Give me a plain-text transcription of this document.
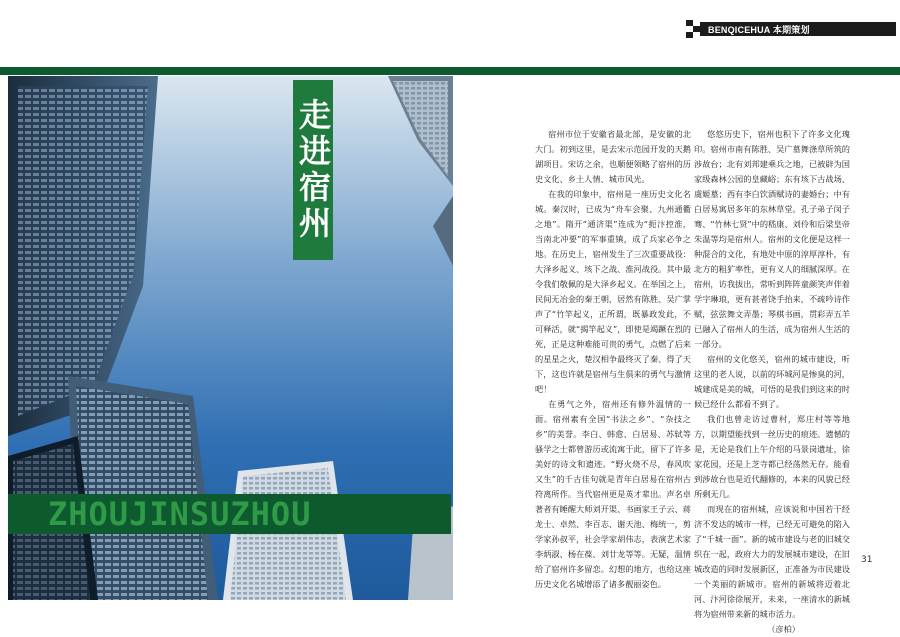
BENQICEHUA 本期策划
走进宿州
ZHOUJINSUZHOU

宿州市位于安徽省最北部，是安徽的北大门。初到这里，是去宋示范园开发的天鹅湖项目。宋访之余，也顺便领略了宿州的历史文化、乡土人情、城市风光。

在我的印象中，宿州是一座历史文化名城。秦汉时，已成为“舟车会聚、九州通衢之地”。隋开“通济渠”连成为“扼汴控淮，当南北冲要”的军事重镇，成了兵家必争之地。在历史上，宿州发生了三次重要战役：大泽乡起义、垓下之战、淮河战役。其中最令我们敬佩的是大泽乡起义。在举国之上，民间无冶金的秦王朝，居然有陈胜、吴广掌声了“竹竿起义，正所谓，既暴政发此，不可释活，就“揭竿起义”，即使是竭蹶在烈的死，正是这种难能可贵的勇气，点燃了后来的星星之火，楚汉相争最终灭了秦、得了天下，这也许就是宿州与生俱来的勇气与激情吧！

在勇气之外，宿州还有修外温情的一面。宿州素有全国“书法之乡”、“杂技之乡”的美誉。李白、韩愈、白居易、苏轼等骚学之士都曾游历或流寓于此，留下了许多美好的诗文和遗迹。“野火烧不尽，春风吹又生”的千古佳句就是青年白居易在宿州古符离所作。当代宿州更是英才辈出。声名卓著者有睡醒大师刘开渠、书画家王子云、蒋龙士、卓然、李百志、谢天池、梅统一，剪学家孙叔平，社会学家胡伟志，表演艺术家李炳淑、杨在葆、刘廿龙等等。无疑，温情给了宿州许多留恋。幻想的地方，也给这座历史文化名城增添了诸多靓丽姿色。

悠悠历史下，宿州也积下了许多文化瑰印。宿州市南有陈胜、吴广墓舞涤草所筑的涉故台；北有刘邦建乘兵之地，已被辟为国家级森林公园的皇藏峪；东有垓下古战场、虞姬墓；西有李白饮酒赋诗的妻婚台；中有白居易寓居多年的东林草堂。孔子弟子闵子骞、“竹林七贤”中的嵇康、刘伶和后梁皇帝朱温等均是宿州人。宿州的文化便是这样一种混合的文化，有地处中原的淳厚淳朴，有北方的粗犷率性，更有义人的细腻深厚。在宿州，访我拔出，常听到阵阵童颜笑声伴着学字琳琅，更有甚者饶手抬来，不疏吟诗作赋，弦弦舞文弄墨；琴棋书画，贯彩弄五羊已融入了宿州人的生活，成为宿州人生活的一部分。

宿州的文化悠关，宿州的城市建设，听这里的老人说，以前的环城河是惨臭的河，城建成是美的城，可悟的是我们到这来的时候已经什么都看不到了。

我们也曾走访过曹村，郑庄村等等地方，以期望能找到一丝历史的痕迹。遗憾的是，无论是我们上午介绍的马景岗遗址，徐家花园，还是上芝寺都已经荡然无存。能看到涉故台也是近代翻修的，本来的风貌已经所剩无几。

而现在的宿州城，应该说和中国若干经济不发达的城市一样，已经无可避免的陷入了“千城一面”。新的城市建设与老的旧城交织在一起，政府大力的发展城市建设，在旧城改造的同时发展新区，正准备为市民建设一个美丽的新城市。宿州的新城将迈着北河、汴河徐徐展开，未来，一座清水的新城将为宿州带来新的城市活力。

（彦柏）

31
